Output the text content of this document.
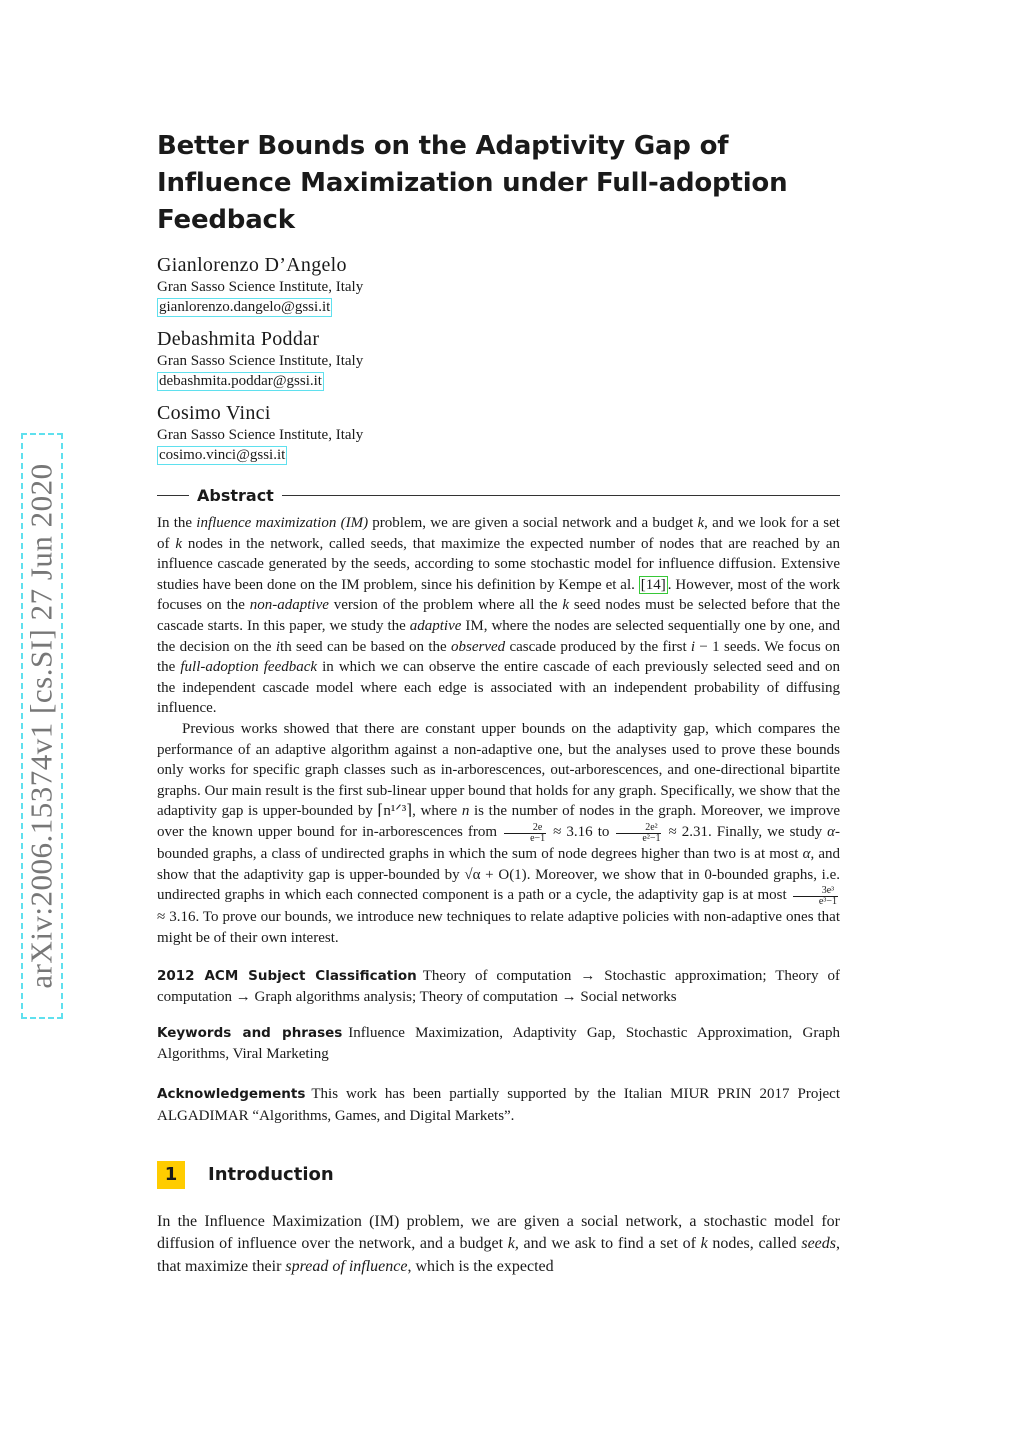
arXiv:2006.15374v1 [cs.SI] 27 Jun 2020
Better Bounds on the Adaptivity Gap of Influence Maximization under Full-adoption Feedback
Gianlorenzo D’Angelo
Gran Sasso Science Institute, Italy
gianlorenzo.dangelo@gssi.it
Debashmita Poddar
Gran Sasso Science Institute, Italy
debashmita.poddar@gssi.it
Cosimo Vinci
Gran Sasso Science Institute, Italy
cosimo.vinci@gssi.it
Abstract

In the influence maximization (IM) problem, we are given a social network and a budget k, and we look for a set of k nodes in the network, called seeds, that maximize the expected number of nodes that are reached by an influence cascade generated by the seeds, according to some stochastic model for influence diffusion. Extensive studies have been done on the IM problem, since his definition by Kempe et al. [14] . However, most of the work focuses on the non-adaptive version of the problem where all the k seed nodes must be selected before that the cascade starts. In this paper, we study the adaptive IM, where the nodes are selected sequentially one by one, and the decision on the ith seed can be based on the observed cascade produced by the first i − 1 seeds. We focus on the full-adoption feedback in which we can observe the entire cascade of each previously selected seed and on the independent cascade model where each edge is associated with an independent probability of diffusing influence.

Previous works showed that there are constant upper bounds on the adaptivity gap, which compares the performance of an adaptive algorithm against a non-adaptive one, but the analyses used to prove these bounds only works for specific graph classes such as in-arborescences, out-arborescences, and one-directional bipartite graphs. Our main result is the first sub-linear upper bound that holds for any graph. Specifically, we show that the adaptivity gap is upper-bounded by ⌈n¹ᐟ³⌉, where n is the number of nodes in the graph. Moreover, we improve over the known upper bound for in-arborescences from $\frac{2e}{e-1} \approx 3.16$ to $\frac{\text{2e²}}{\text{e²−1}} \approx 2.31$. Finally, we study α-bounded graphs, a class of undirected graphs in which the sum of node degrees higher than two is at most α, and show that the adaptivity gap is upper-bounded by √α + O(1). Moreover, we show that in 0-bounded graphs, i.e. undirected graphs in which each connected component is a path or a cycle, the adaptivity gap is at most $\frac{\text{3e³}}{\text{e³−1}}$
≈ 3.16. To prove our bounds, we introduce new techniques to relate adaptive policies with non-adaptive ones that might be of their own interest.

2012 ACM Subject Classification Theory of computation → Stochastic approximation; Theory of computation → Graph algorithms analysis; Theory of computation → Social networks

Keywords and phrases Influence Maximization, Adaptivity Gap, Stochastic Approximation, Graph Algorithms, Viral Marketing

Acknowledgements This work has been partially supported by the Italian MIUR PRIN 2017 Project ALGADIMAR “Algorithms, Games, and Digital Markets”.

1	Introduction

In the Influence Maximization (IM) problem, we are given a social network, a stochastic model for diffusion of influence over the network, and a budget k, and we ask to find a set of k nodes, called seeds, that maximize their spread of influence, which is the expected
